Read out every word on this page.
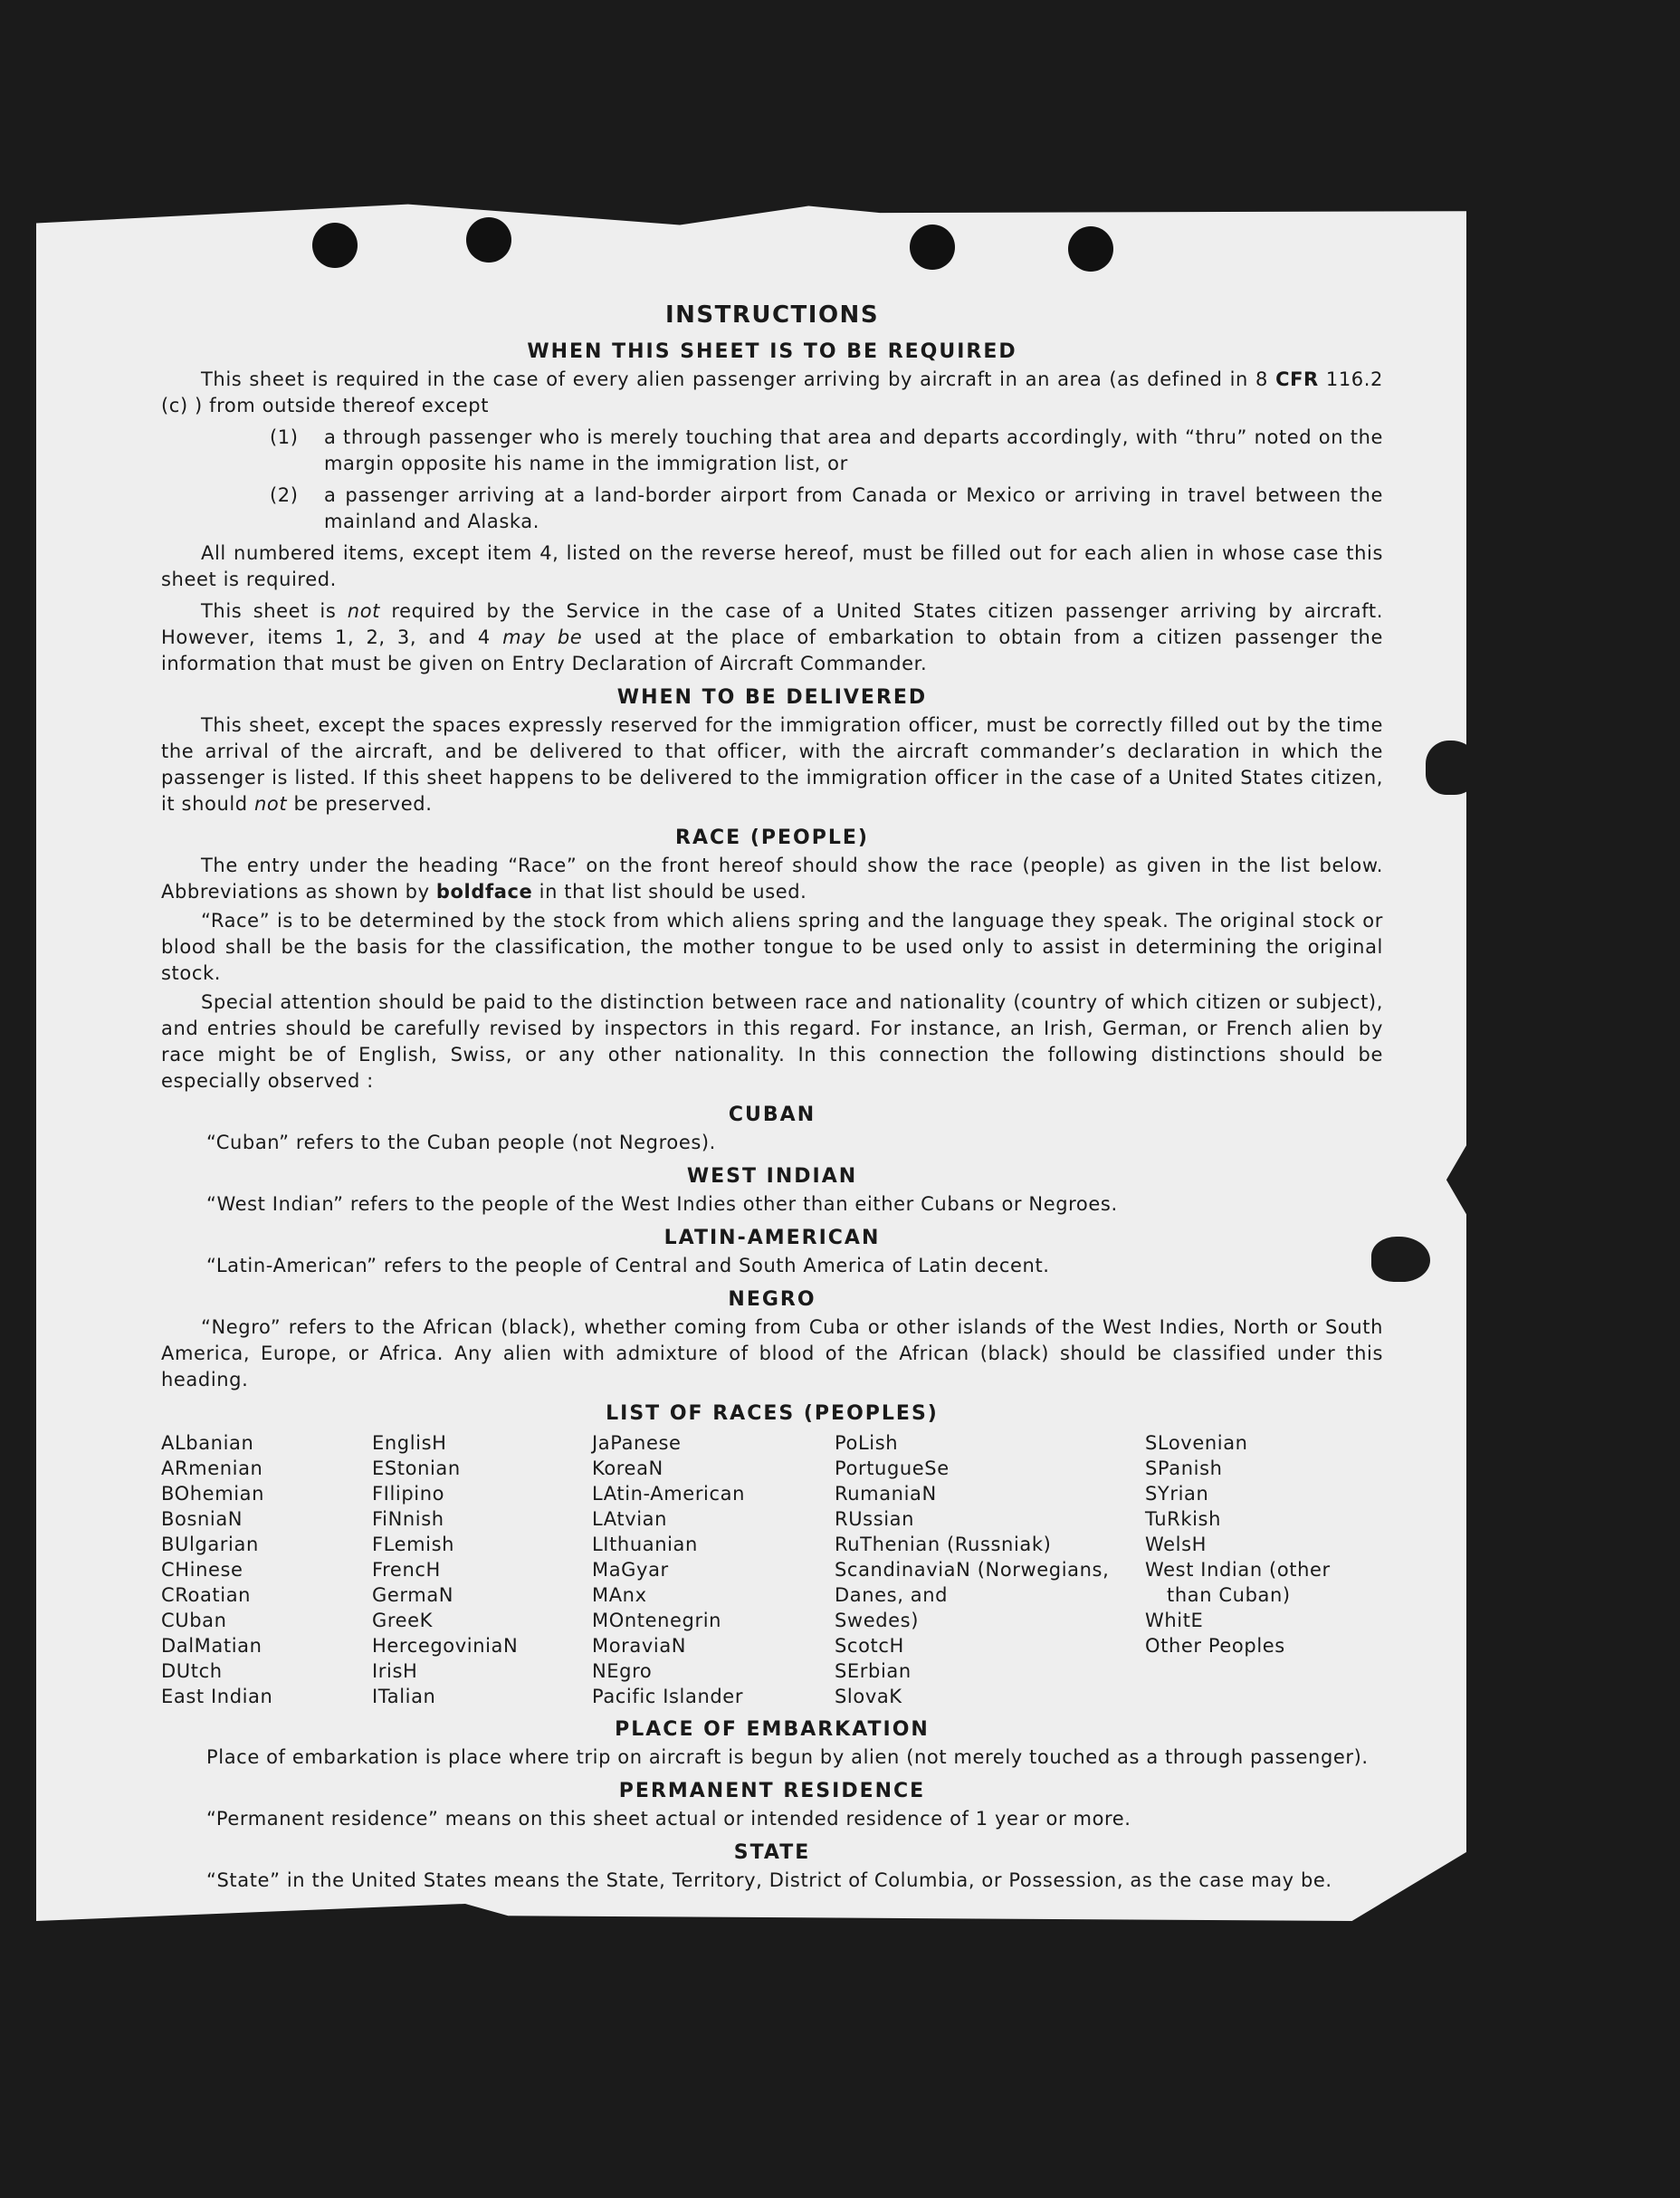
INSTRUCTIONS
WHEN THIS SHEET IS TO BE REQUIRED

This sheet is required in the case of every alien passenger arriving by aircraft in an area (as defined in 8 CFR 116.2 (c) ) from outside thereof except

(1)	a through passenger who is merely touching that area and departs accordingly, with “thru” noted on the margin opposite his name in the immigration list, or
(2)	a passenger arriving at a land-border airport from Canada or Mexico or arriving in travel between the mainland and Alaska.

All numbered items, except item 4, listed on the reverse hereof, must be filled out for each alien in whose case this sheet is required.

This sheet is not required by the Service in the case of a United States citizen passenger arriving by aircraft. However, items 1, 2, 3, and 4 may be used at the place of embarkation to obtain from a citizen passenger the information that must be given on Entry Declaration of Aircraft Commander.

WHEN TO BE DELIVERED

This sheet, except the spaces expressly reserved for the immigration officer, must be correctly filled out by the time the arrival of the aircraft, and be delivered to that officer, with the aircraft commander’s declaration in which the passenger is listed. If this sheet happens to be delivered to the immigration officer in the case of a United States citizen, it should not be preserved.

RACE (PEOPLE)

The entry under the heading “Race” on the front hereof should show the race (people) as given in the list below. Abbreviations as shown by boldface in that list should be used.

“Race” is to be determined by the stock from which aliens spring and the language they speak. The original stock or blood shall be the basis for the classification, the mother tongue to be used only to assist in determining the original stock.

Special attention should be paid to the distinction between race and nationality (country of which citizen or subject), and entries should be carefully revised by inspectors in this regard. For instance, an Irish, German, or French alien by race might be of English, Swiss, or any other nationality. In this connection the following distinctions should be especially observed :

CUBAN

“Cuban” refers to the Cuban people (not Negroes).

WEST INDIAN

“West Indian” refers to the people of the West Indies other than either Cubans or Negroes.

LATIN-AMERICAN

“Latin-American” refers to the people of Central and South America of Latin decent.

NEGRO

“Negro” refers to the African (black), whether coming from Cuba or other islands of the West Indies, North or South America, Europe, or Africa. Any alien with admixture of blood of the African (black) should be classified under this heading.

LIST OF RACES (PEOPLES)
ALbanian
ARmenian
BOhemian
BosniaN
BUlgarian
CHinese
CRoatian
CUban
DalMatian
DUtch
East Indian
EnglisH
EStonian
FIlipino
FiNnish
FLemish
FrencH
GermaN
GreeK
HercegoviniaN
IrisH
ITalian
JaPanese
KoreaN
LAtin-American
LAtvian
LIthuanian
MaGyar
MAnx
MOntenegrin
MoraviaN
NEgro
Pacific Islander
PoLish
PortugueSe
RumaniaN
RUssian
RuThenian (Russniak)
ScandinaviaN (Norwegians,
Danes, and
Swedes)
ScotcH
SErbian
SlovaK
SLovenian
SPanish
SYrian
TuRkish
WelsH
West Indian (other
than Cuban)
WhitE
Other Peoples
PLACE OF EMBARKATION

Place of embarkation is place where trip on aircraft is begun by alien (not merely touched as a through passenger).

PERMANENT RESIDENCE

“Permanent residence” means on this sheet actual or intended residence of 1 year or more.

STATE

“State” in the United States means the State, Territory, District of Columbia, or Possession, as the case may be.
